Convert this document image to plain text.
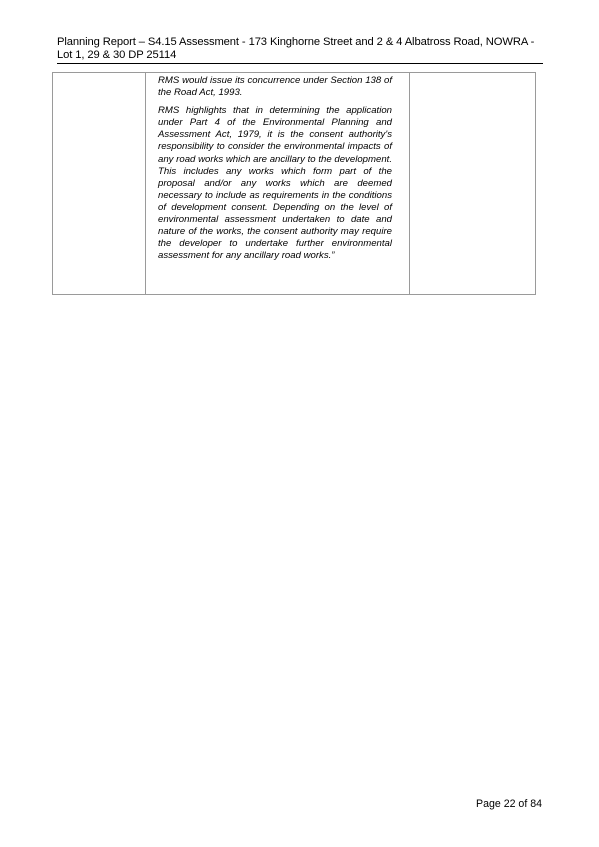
Planning Report – S4.15 Assessment - 173 Kinghorne Street and 2 & 4 Albatross Road, NOWRA -
Lot 1, 29 & 30 DP 25114

RMS would issue its concurrence under Section 138 of the Road Act, 1993.

RMS highlights that in determining the application under Part 4 of the Environmental Planning and Assessment Act, 1979, it is the consent authority's responsibility to consider the environmental impacts of any road works which are ancillary to the development. This includes any works which form part of the proposal and/or any works which are deemed necessary to include as requirements in the conditions of development consent. Depending on the level of environmental assessment undertaken to date and nature of the works, the consent authority may require the developer to undertake further environmental assessment for any ancillary road works.”

Page 22 of 84
